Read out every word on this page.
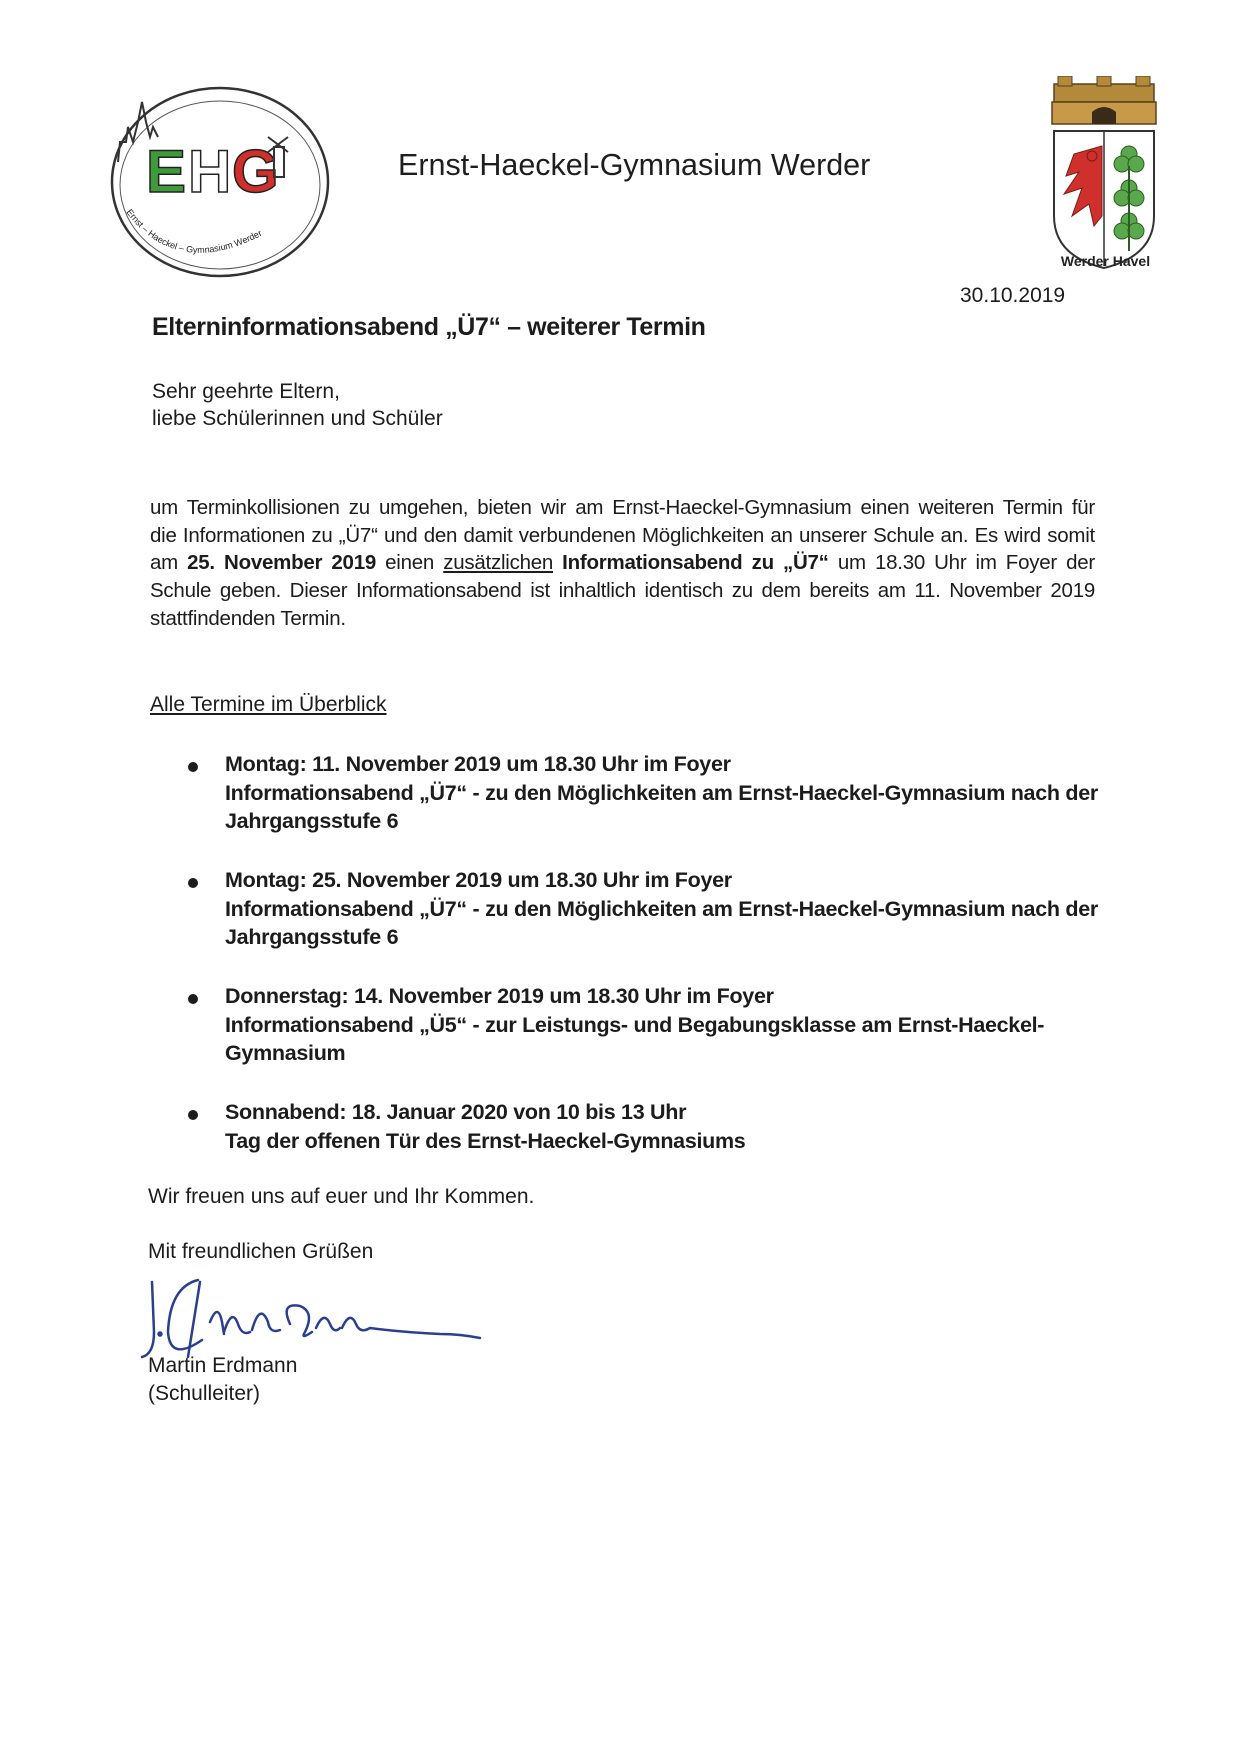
E H G
Ernst – Haeckel – Gymnasium Werder
Ernst-Haeckel-Gymnasium Werder
Werder Havel
30.10.2019
Elterninformationsabend „Ü7“ – weiterer Termin
Sehr geehrte Eltern,
liebe Schülerinnen und Schüler

um Terminkollisionen zu umgehen, bieten wir am Ernst-Haeckel-Gymnasium einen weiteren Termin für

die Informationen zu „Ü7“ und den damit verbundenen Möglichkeiten an unserer Schule an. Es wird somit

am 25. November 2019 einen zusätzlichen Informationsabend zu „Ü7“ um 18.30 Uhr im Foyer der

Schule geben. Dieser Informationsabend ist inhaltlich identisch zu dem bereits am 11. November 2019

stattfindenden Termin.

Alle Termine im Überblick
Montag: 11. November 2019 um 18.30 Uhr im Foyer
Informationsabend „Ü7“ - zu den Möglichkeiten am Ernst-Haeckel-Gymnasium nach der
Jahrgangsstufe 6
Montag: 25. November 2019 um 18.30 Uhr im Foyer
Informationsabend „Ü7“ - zu den Möglichkeiten am Ernst-Haeckel-Gymnasium nach der
Jahrgangsstufe 6
Donnerstag: 14. November 2019 um 18.30 Uhr im Foyer
Informationsabend „Ü5“ - zur Leistungs- und Begabungsklasse am Ernst-Haeckel-
Gymnasium
Sonnabend: 18. Januar 2020 von 10 bis 13 Uhr
Tag der offenen Tür des Ernst-Haeckel-Gymnasiums
Wir freuen uns auf euer und Ihr Kommen.
Mit freundlichen Grüßen
Martin Erdmann
(Schulleiter)
